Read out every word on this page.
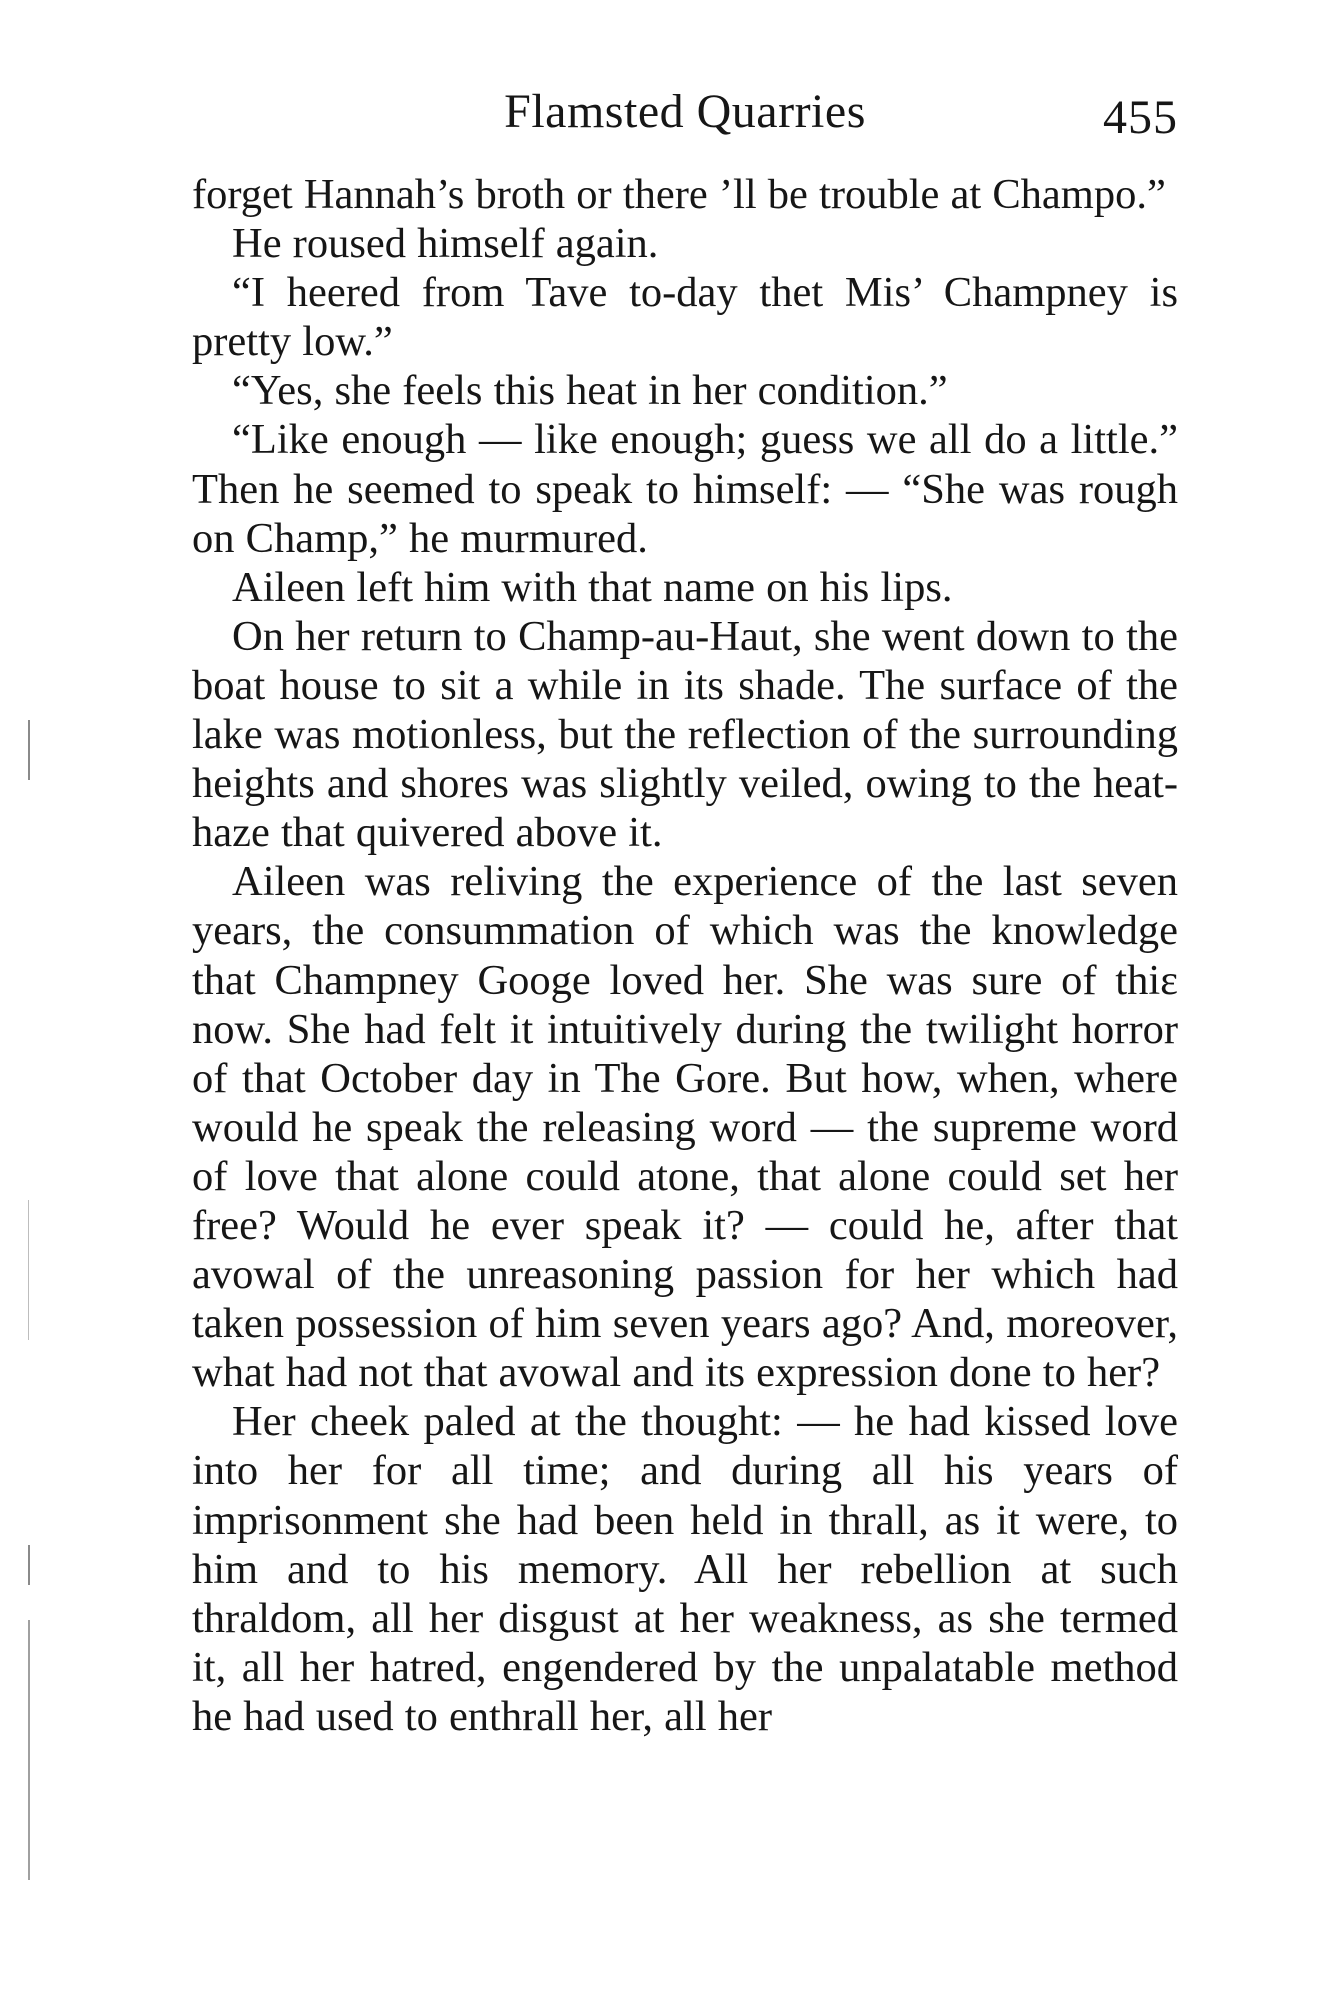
Flamsted Quarries	455

forget Hannah’s broth or there ’ll be trouble at Champo.”

He roused himself again.

“I heered from Tave to-day thet Mis’ Champney is pretty low.”

“Yes, she feels this heat in her condition.”

“Like enough — like enough; guess we all do a little.” Then he seemed to speak to himself: — “She was rough on Champ,” he murmured.

Aileen left him with that name on his lips.

On her return to Champ-au-Haut, she went down to the boat house to sit a while in its shade. The surface of the lake was motionless, but the reflection of the surrounding heights and shores was slightly veiled, owing to the heat-haze that quivered above it.

Aileen was reliving the experience of the last seven years, the consummation of which was the knowledge that Champney Googe loved her. She was sure of thiɛ now. She had felt it intuitively during the twilight horror of that October day in The Gore. But how, when, where would he speak the releasing word — the supreme word of love that alone could atone, that alone could set her free? Would he ever speak it? — could he, after that avowal of the unreasoning passion for her which had taken possession of him seven years ago? And, moreover, what had not that avowal and its expression done to her?

Her cheek paled at the thought: — he had kissed love into her for all time; and during all his years of imprisonment she had been held in thrall, as it were, to him and to his memory. All her rebellion at such thraldom, all her disgust at her weakness, as she termed it, all her hatred, engendered by the unpalatable method he had used to enthrall her, all her
